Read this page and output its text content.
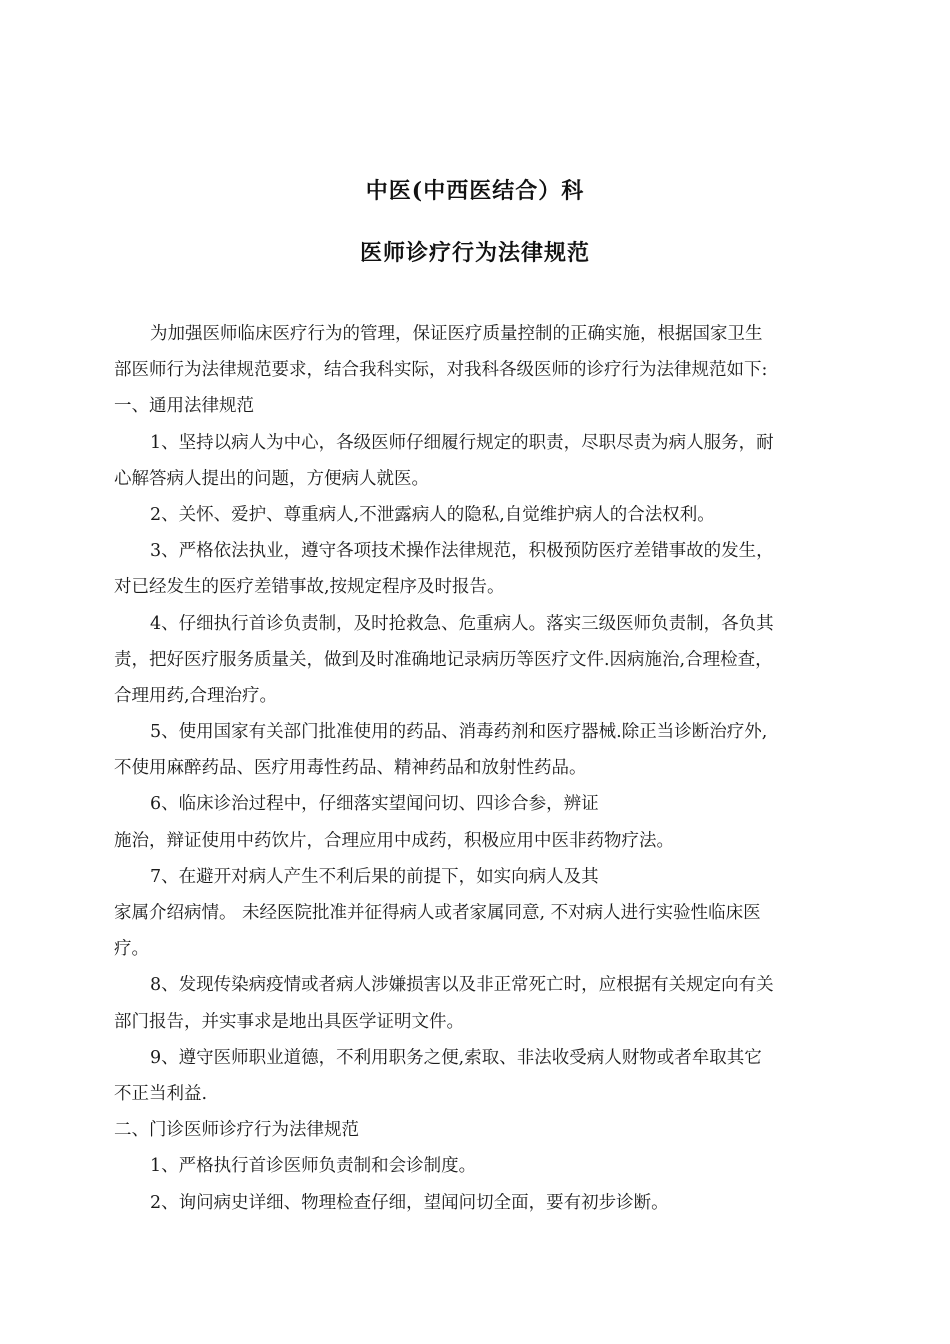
中医(中西医结合）科
医师诊疗行为法律规范
为加强医师临床医疗行为的管理，保证医疗质量控制的正确实施，根据国家卫生
部医师行为法律规范要求，结合我科实际，对我科各级医师的诊疗行为法律规范如下:
一、通用法律规范
1、坚持以病人为中心，各级医师仔细履行规定的职责，尽职尽责为病人服务，耐
心解答病人提出的问题，方便病人就医。
2、关怀、爱护、尊重病人,不泄露病人的隐私,自觉维护病人的合法权利。
3、严格依法执业，遵守各项技术操作法律规范，积极预防医疗差错事故的发生，
对已经发生的医疗差错事故,按规定程序及时报告。
4、仔细执行首诊负责制，及时抢救急、危重病人。落实三级医师负责制，各负其
责，把好医疗服务质量关，做到及时准确地记录病历等医疗文件.因病施治,合理检查，
合理用药,合理治疗。
5、使用国家有关部门批准使用的药品、消毒药剂和医疗器械.除正当诊断治疗外,
不使用麻醉药品、医疗用毒性药品、精神药品和放射性药品。
6、临床诊治过程中，仔细落实望闻问切、四诊合参，辨证
施治，辩证使用中药饮片，合理应用中成药，积极应用中医非药物疗法。
7、在避开对病人产生不利后果的前提下，如实向病人及其
家属介绍病情。 未经医院批准并征得病人或者家属同意, 不对病人进行实验性临床医
疗。
8、发现传染病疫情或者病人涉嫌损害以及非正常死亡时，应根据有关规定向有关
部门报告，并实事求是地出具医学证明文件。
9、遵守医师职业道德，不利用职务之便,索取、非法收受病人财物或者牟取其它
不正当利益.
二、门诊医师诊疗行为法律规范
1、严格执行首诊医师负责制和会诊制度。
2、询问病史详细、物理检查仔细，望闻问切全面，要有初步诊断。
